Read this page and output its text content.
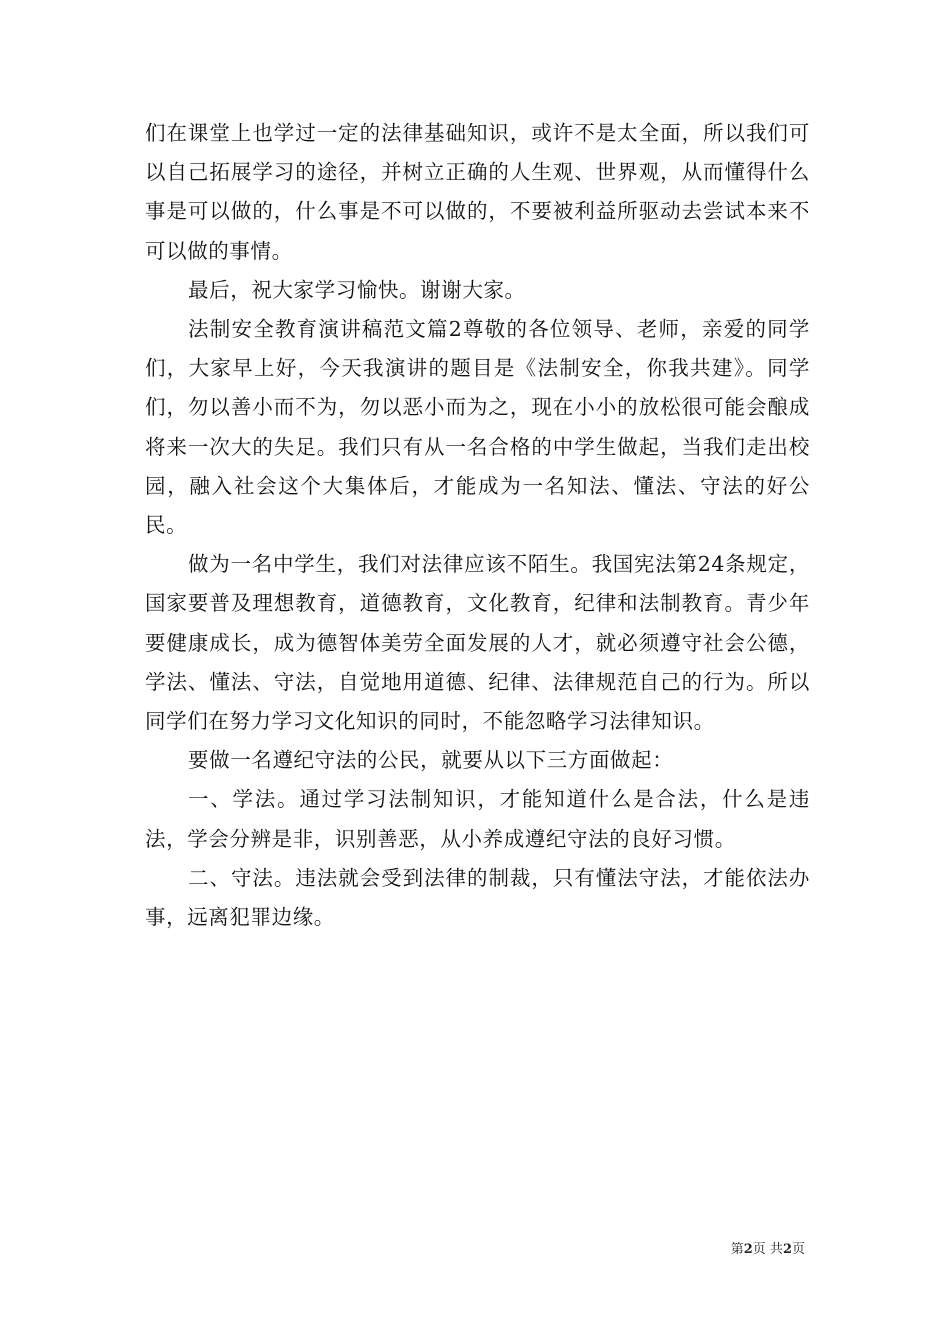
们在课堂上也学过一定的法律基础知识，或许不是太全面，所以我们可以自己拓展学习的途径，并树立正确的人生观、世界观，从而懂得什么事是可以做的，什么事是不可以做的，不要被利益所驱动去尝试本来不可以做的事情。

最后，祝大家学习愉快。谢谢大家。

法制安全教育演讲稿范文篇2尊敬的各位领导、老师，亲爱的同学们，大家早上好，今天我演讲的题目是《法制安全，你我共建》。同学们，勿以善小而不为，勿以恶小而为之，现在小小的放松很可能会酿成将来一次大的失足。我们只有从一名合格的中学生做起，当我们走出校园，融入社会这个大集体后，才能成为一名知法、懂法、守法的好公民。

做为一名中学生，我们对法律应该不陌生。我国宪法第24条规定，国家要普及理想教育，道德教育，文化教育，纪律和法制教育。青少年要健康成长，成为德智体美劳全面发展的人才，就必须遵守社会公德，学法、懂法、守法，自觉地用道德、纪律、法律规范自己的行为。所以同学们在努力学习文化知识的同时，不能忽略学习法律知识。

要做一名遵纪守法的公民，就要从以下三方面做起：

一、学法。通过学习法制知识，才能知道什么是合法，什么是违法，学会分辨是非，识别善恶，从小养成遵纪守法的良好习惯。

二、守法。违法就会受到法律的制裁，只有懂法守法，才能依法办事，远离犯罪边缘。

第2页 共2页
